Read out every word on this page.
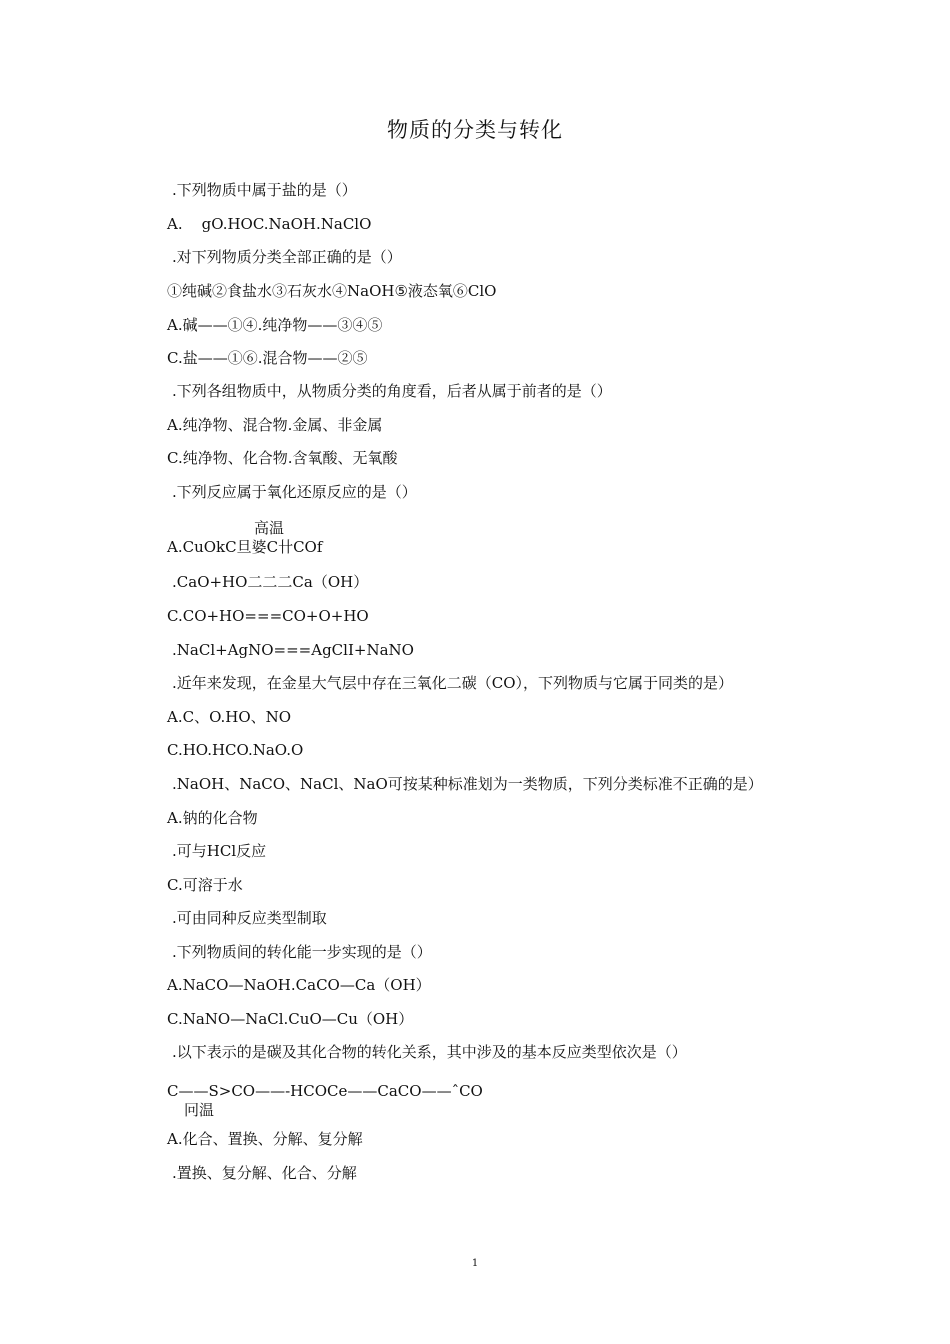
物质的分类与转化
.下列物质中属于盐的是（）
A.    gO.HOC.NaOH.NaClO
.对下列物质分类全部正确的是（）
①纯碱②食盐水③石灰水④NaOH⑤液态氧⑥ClO
A.碱——①④.纯净物——③④⑤
C.盐——①⑥.混合物——②⑤
.下列各组物质中，从物质分类的角度看，后者从属于前者的是（）
A.纯净物、混合物.金属、非金属
C.纯净物、化合物.含氧酸、无氧酸
.下列反应属于氧化还原反应的是（）
高温
A.CuOkC旦婆C卄COf
.CaO+HO二二二Ca（OH）
C.CO+HO===CO+O+HO
.NaCl+AgNO===AgClI+NaNO
.近年来发现，在金星大气层中存在三氧化二碳（CO），下列物质与它属于同类的是）
A.C、O.HO、NO
C.HO.HCO.NaO.O
.NaOH、NaCO、NaCl、NaO可按某种标准划为一类物质，下列分类标准不正确的是）
A.钠的化合物
.可与HCl反应
C.可溶于水
.可由同种反应类型制取
.下列物质间的转化能一步实现的是（）
A.NaCO—NaOH.CaCO—Ca（OH）
C.NaNO—NaCl.CuO—Cu（OH）
.以下表示的是碳及其化合物的转化关系，其中涉及的基本反应类型依次是（）
C——S>CO——-HCOCe——CaCO——ˆCO
冋温
A.化合、置换、分解、复分解
.置换、复分解、化合、分解
1
